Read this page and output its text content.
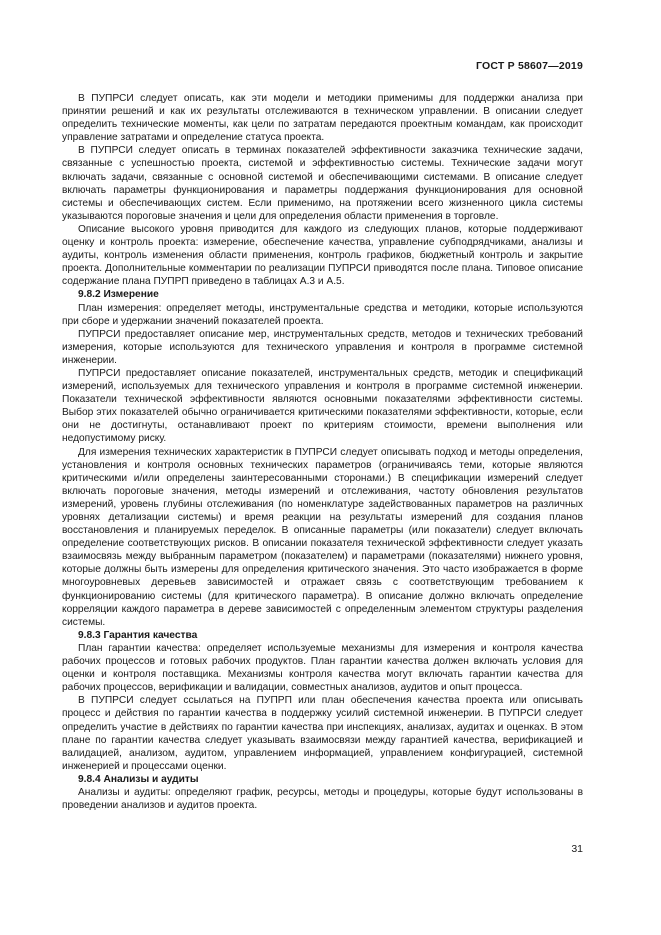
ГОСТ Р 58607—2019

В ПУПРСИ следует описать, как эти модели и методики применимы для поддержки анализа при принятии решений и как их результаты отслеживаются в техническом управлении. В описании следует определить технические моменты, как цели по затратам передаются проектным командам, как происходит управление затратами и определение статуса проекта.

В ПУПРСИ следует описать в терминах показателей эффективности заказчика технические задачи, связанные с успешностью проекта, системой и эффективностью системы. Технические задачи могут включать задачи, связанные с основной системой и обеспечивающими системами. В описание следует включать параметры функционирования и параметры поддержания функционирования для основной системы и обеспечивающих систем. Если применимо, на протяжении всего жизненного цикла системы указываются пороговые значения и цели для определения области применения в торговле.

Описание высокого уровня приводится для каждого из следующих планов, которые поддерживают оценку и контроль проекта: измерение, обеспечение качества, управление субподрядчиками, анализы и аудиты, контроль изменения области применения, контроль графиков, бюджетный контроль и закрытие проекта. Дополнительные комментарии по реализации ПУПРСИ приводятся после плана. Типовое описание содержание плана ПУПРП приведено в таблицах А.3 и А.5.

9.8.2 Измерение

План измерения: определяет методы, инструментальные средства и методики, которые используются при сборе и удержании значений показателей проекта.

ПУПРСИ предоставляет описание мер, инструментальных средств, методов и технических требований измерения, которые используются для технического управления и контроля в программе системной инженерии.

ПУПРСИ предоставляет описание показателей, инструментальных средств, методик и спецификаций измерений, используемых для технического управления и контроля в программе системной инженерии. Показатели технической эффективности являются основными показателями эффективности системы. Выбор этих показателей обычно ограничивается критическими показателями эффективности, которые, если они не достигнуты, останавливают проект по критериям стоимости, времени выполнения или недопустимому риску.

Для измерения технических характеристик в ПУПРСИ следует описывать подход и методы определения, установления и контроля основных технических параметров (ограничиваясь теми, которые являются критическими и/или определены заинтересованными сторонами.) В спецификации измерений следует включать пороговые значения, методы измерений и отслеживания, частоту обновления результатов измерений, уровень глубины отслеживания (по номенклатуре задействованных параметров на различных уровнях детализации системы) и время реакции на результаты измерений для создания планов восстановления и планируемых переделок. В описанные параметры (или показатели) следует включать определение соответствующих рисков. В описании показателя технической эффективности следует указать взаимосвязь между выбранным параметром (показателем) и параметрами (показателями) нижнего уровня, которые должны быть измерены для определения критического значения. Это часто изображается в форме многоуровневых деревьев зависимостей и отражает связь с соответствующим требованием к функционированию системы (для критического параметра). В описание должно включать определение корреляции каждого параметра в дереве зависимостей с определенным элементом структуры разделения системы.

9.8.3 Гарантия качества

План гарантии качества: определяет используемые механизмы для измерения и контроля качества рабочих процессов и готовых рабочих продуктов. План гарантии качества должен включать условия для оценки и контроля поставщика. Механизмы контроля качества могут включать гарантии качества для рабочих процессов, верификации и валидации, совместных анализов, аудитов и опыт процесса.

В ПУПРСИ следует ссылаться на ПУПРП или план обеспечения качества проекта или описывать процесс и действия по гарантии качества в поддержку усилий системной инженерии. В ПУПРСИ следует определить участие в действиях по гарантии качества при инспекциях, анализах, аудитах и оценках. В этом плане по гарантии качества следует указывать взаимосвязи между гарантией качества, верификацией и валидацией, анализом, аудитом, управлением информацией, управлением конфигурацией, системной инженерией и процессами оценки.

9.8.4 Анализы и аудиты

Анализы и аудиты: определяют график, ресурсы, методы и процедуры, которые будут использованы в проведении анализов и аудитов проекта.

31
